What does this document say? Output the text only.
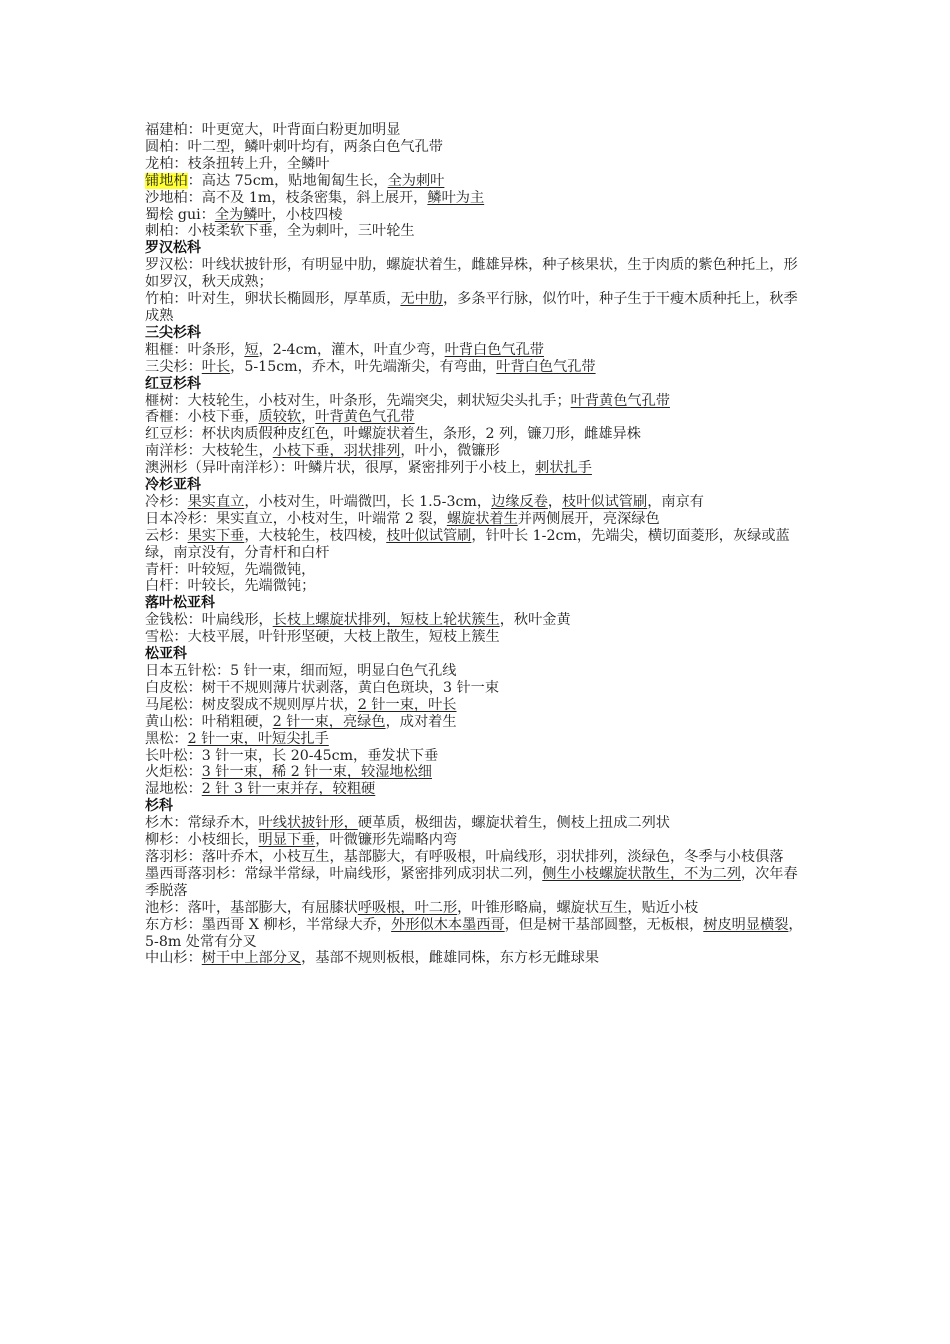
福建柏：叶更宽大，叶背面白粉更加明显
圆柏：叶二型，鳞叶刺叶均有，两条白色气孔带
龙柏：枝条扭转上升，全鳞叶
铺地柏：高达 75cm，贴地匍匐生长，全为刺叶
沙地柏：高不及 1m，枝条密集，斜上展开，鳞叶为主
蜀桧 gui：全为鳞叶，小枝四棱
刺柏：小枝柔软下垂，全为刺叶，三叶轮生
罗汉松科
罗汉松：叶线状披针形，有明显中肋，螺旋状着生，雌雄异株，种子核果状，生于肉质的紫色种托上，形如罗汉，秋天成熟；
竹柏：叶对生，卵状长椭圆形，厚革质，无中肋，多条平行脉，似竹叶，种子生于干瘦木质种托上，秋季成熟
三尖杉科
粗榧：叶条形，短，2-4cm，灌木，叶直少弯，叶背白色气孔带
三尖杉：叶长，5-15cm，乔木，叶先端渐尖，有弯曲，叶背白色气孔带
红豆杉科
榧树：大枝轮生，小枝对生，叶条形，先端突尖，刺状短尖头扎手；叶背黄色气孔带
香榧：小枝下垂，质较软，叶背黄色气孔带
红豆杉：杯状肉质假种皮红色，叶螺旋状着生，条形，2 列，镰刀形，雌雄异株
南洋杉：大枝轮生，小枝下垂，羽状排列，叶小，微镰形
澳洲杉（异叶南洋杉）：叶鳞片状，很厚，紧密排列于小枝上，刺状扎手
冷杉亚科
冷杉：果实直立，小枝对生，叶端微凹，长 1.5-3cm，边缘反卷，枝叶似试管刷，南京有
日本冷杉：果实直立，小枝对生，叶端常 2 裂，螺旋状着生并两侧展开，亮深绿色
云杉：果实下垂，大枝轮生，枝四棱，枝叶似试管刷，针叶长 1-2cm，先端尖，横切面菱形，灰绿或蓝绿，南京没有，分青杆和白杆
青杆：叶较短，先端微钝，
白杆：叶较长，先端微钝；
落叶松亚科
金钱松：叶扁线形，长枝上螺旋状排列，短枝上轮状簇生，秋叶金黄
雪松：大枝平展，叶针形坚硬，大枝上散生，短枝上簇生
松亚科
日本五针松：5 针一束，细而短，明显白色气孔线
白皮松：树干不规则薄片状剥落，黄白色斑块，3 针一束
马尾松：树皮裂成不规则厚片状，2 针一束，叶长
黄山松：叶稍粗硬，2 针一束，亮绿色，成对着生
黑松：2 针一束，叶短尖扎手
长叶松：3 针一束，长 20-45cm，垂发状下垂
火炬松：3 针一束，稀 2 针一束，较湿地松细
湿地松：2 针 3 针一束并存，较粗硬
杉科
杉木：常绿乔木，叶线状披针形，硬革质，极细齿，螺旋状着生，侧枝上扭成二列状
柳杉：小枝细长，明显下垂，叶微镰形先端略内弯
落羽杉：落叶乔木，小枝互生，基部膨大，有呼吸根，叶扁线形，羽状排列，淡绿色，冬季与小枝俱落
墨西哥落羽杉：常绿半常绿，叶扁线形，紧密排列成羽状二列，侧生小枝螺旋状散生，不为二列，次年春季脱落
池杉：落叶，基部膨大，有屈膝状呼吸根，叶二形，叶锥形略扁，螺旋状互生，贴近小枝
东方杉：墨西哥 X 柳杉，半常绿大乔，外形似木本墨西哥，但是树干基部圆整，无板根，树皮明显横裂，5-8m 处常有分叉
中山杉：树干中上部分叉，基部不规则板根，雌雄同株，东方杉无雌球果
